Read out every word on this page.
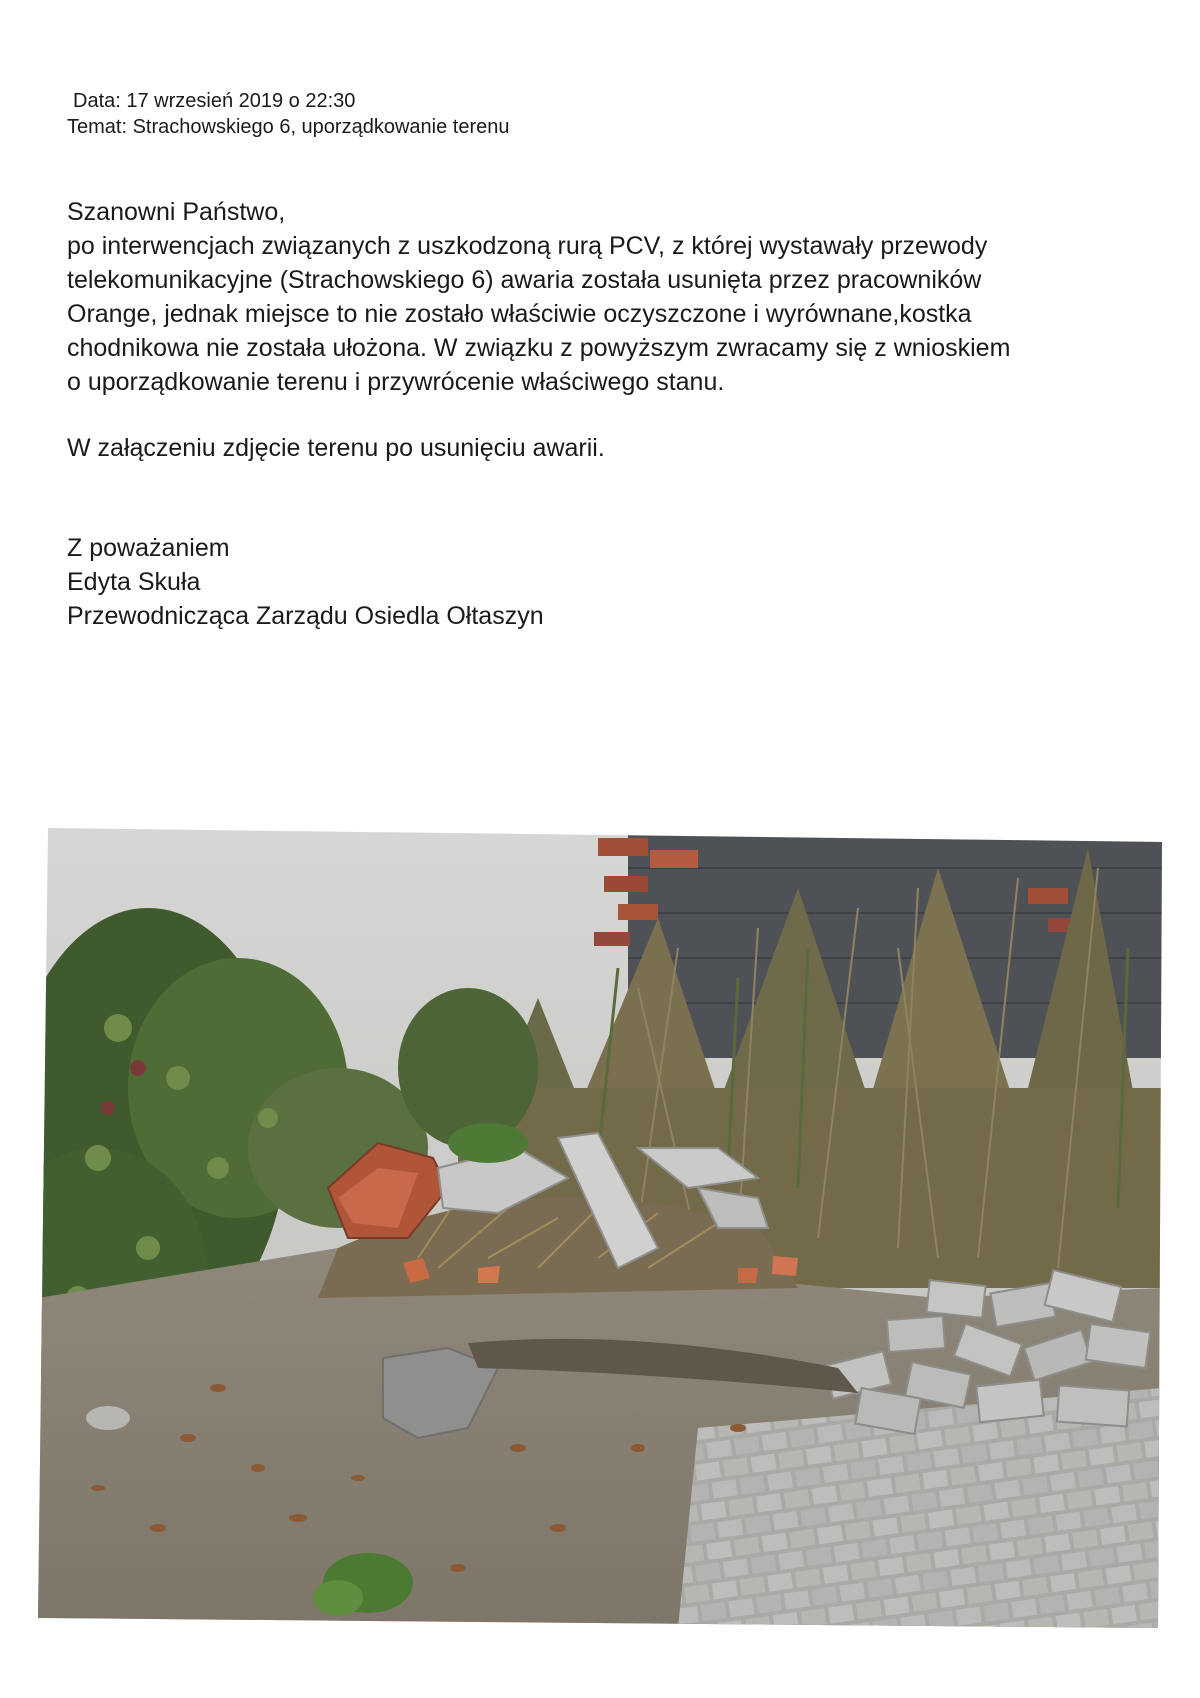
Data: 17 wrzesień 2019 o 22:30
Temat: Strachowskiego 6, uporządkowanie terenu

Szanowni Państwo,

po interwencjach związanych z uszkodzoną rurą PCV, z której wystawały przewody

telekomunikacyjne (Strachowskiego 6) awaria została usunięta przez pracowników

Orange, jednak miejsce to nie zostało właściwie oczyszczone i wyrównane,kostka

chodnikowa nie została ułożona. W związku z powyższym zwracamy się z wnioskiem

o uporządkowanie terenu i przywrócenie właściwego stanu.

W załączeniu zdjęcie terenu po usunięciu awarii.

Z poważaniem

Edyta Skuła

Przewodnicząca Zarządu Osiedla Ołtaszyn
